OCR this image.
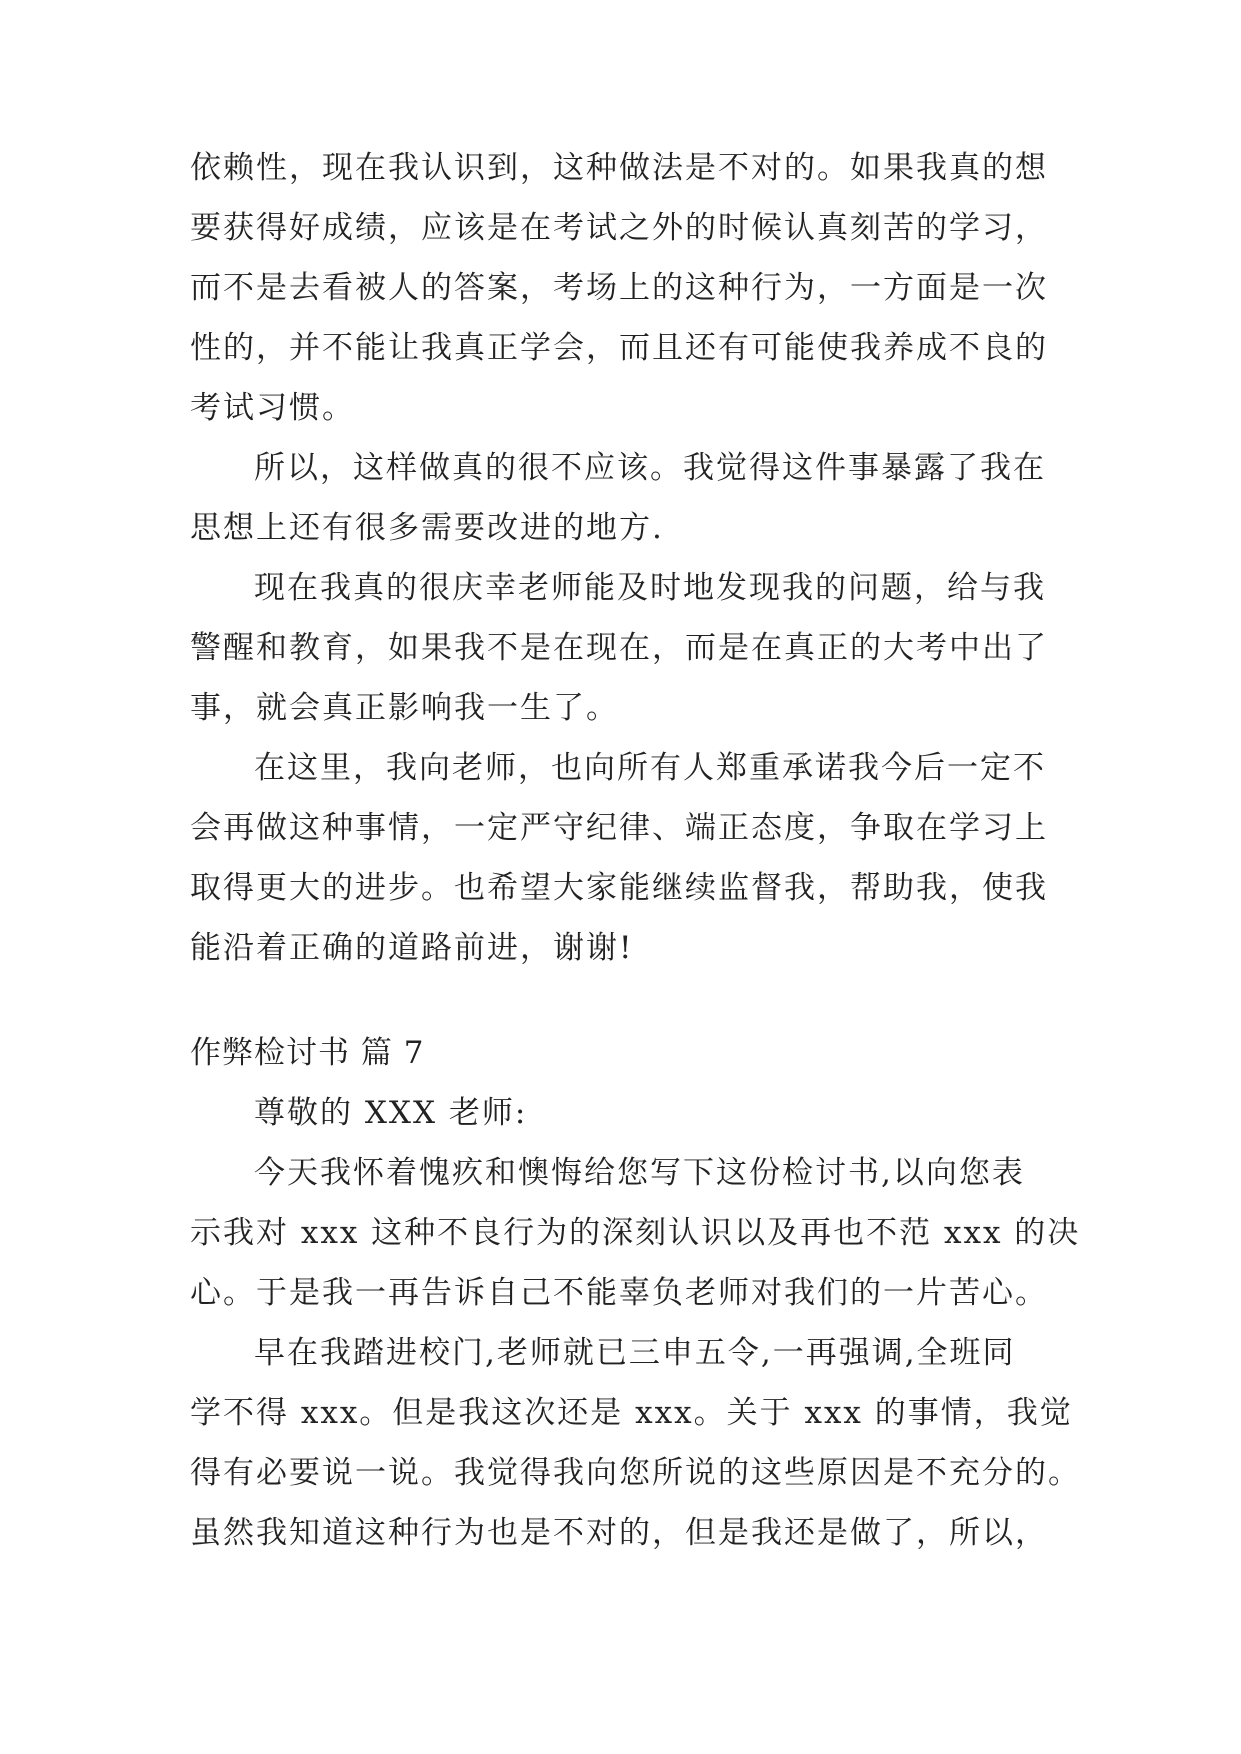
依赖性，现在我认识到，这种做法是不对的。如果我真的想
要获得好成绩，应该是在考试之外的时候认真刻苦的学习，
而不是去看被人的答案，考场上的这种行为，一方面是一次
性的，并不能让我真正学会，而且还有可能使我养成不良的
考试习惯。
所以，这样做真的很不应该。我觉得这件事暴露了我在
思想上还有很多需要改进的地方.
现在我真的很庆幸老师能及时地发现我的问题，给与我
警醒和教育，如果我不是在现在，而是在真正的大考中出了
事，就会真正影响我一生了。
在这里，我向老师，也向所有人郑重承诺我今后一定不
会再做这种事情，一定严守纪律、端正态度，争取在学习上
取得更大的进步。也希望大家能继续监督我，帮助我，使我
能沿着正确的道路前进，谢谢!
作弊检讨书 篇 7
尊敬的 XXX 老师:
今天我怀着愧疚和懊悔给您写下这份检讨书,以向您表
示我对 xxx 这种不良行为的深刻认识以及再也不范 xxx 的决
心。于是我一再告诉自己不能辜负老师对我们的一片苦心。
早在我踏进校门,老师就已三申五令,一再强调,全班同
学不得 xxx。但是我这次还是 xxx。关于 xxx 的事情，我觉
得有必要说一说。我觉得我向您所说的这些原因是不充分的。
虽然我知道这种行为也是不对的，但是我还是做了，所以，
